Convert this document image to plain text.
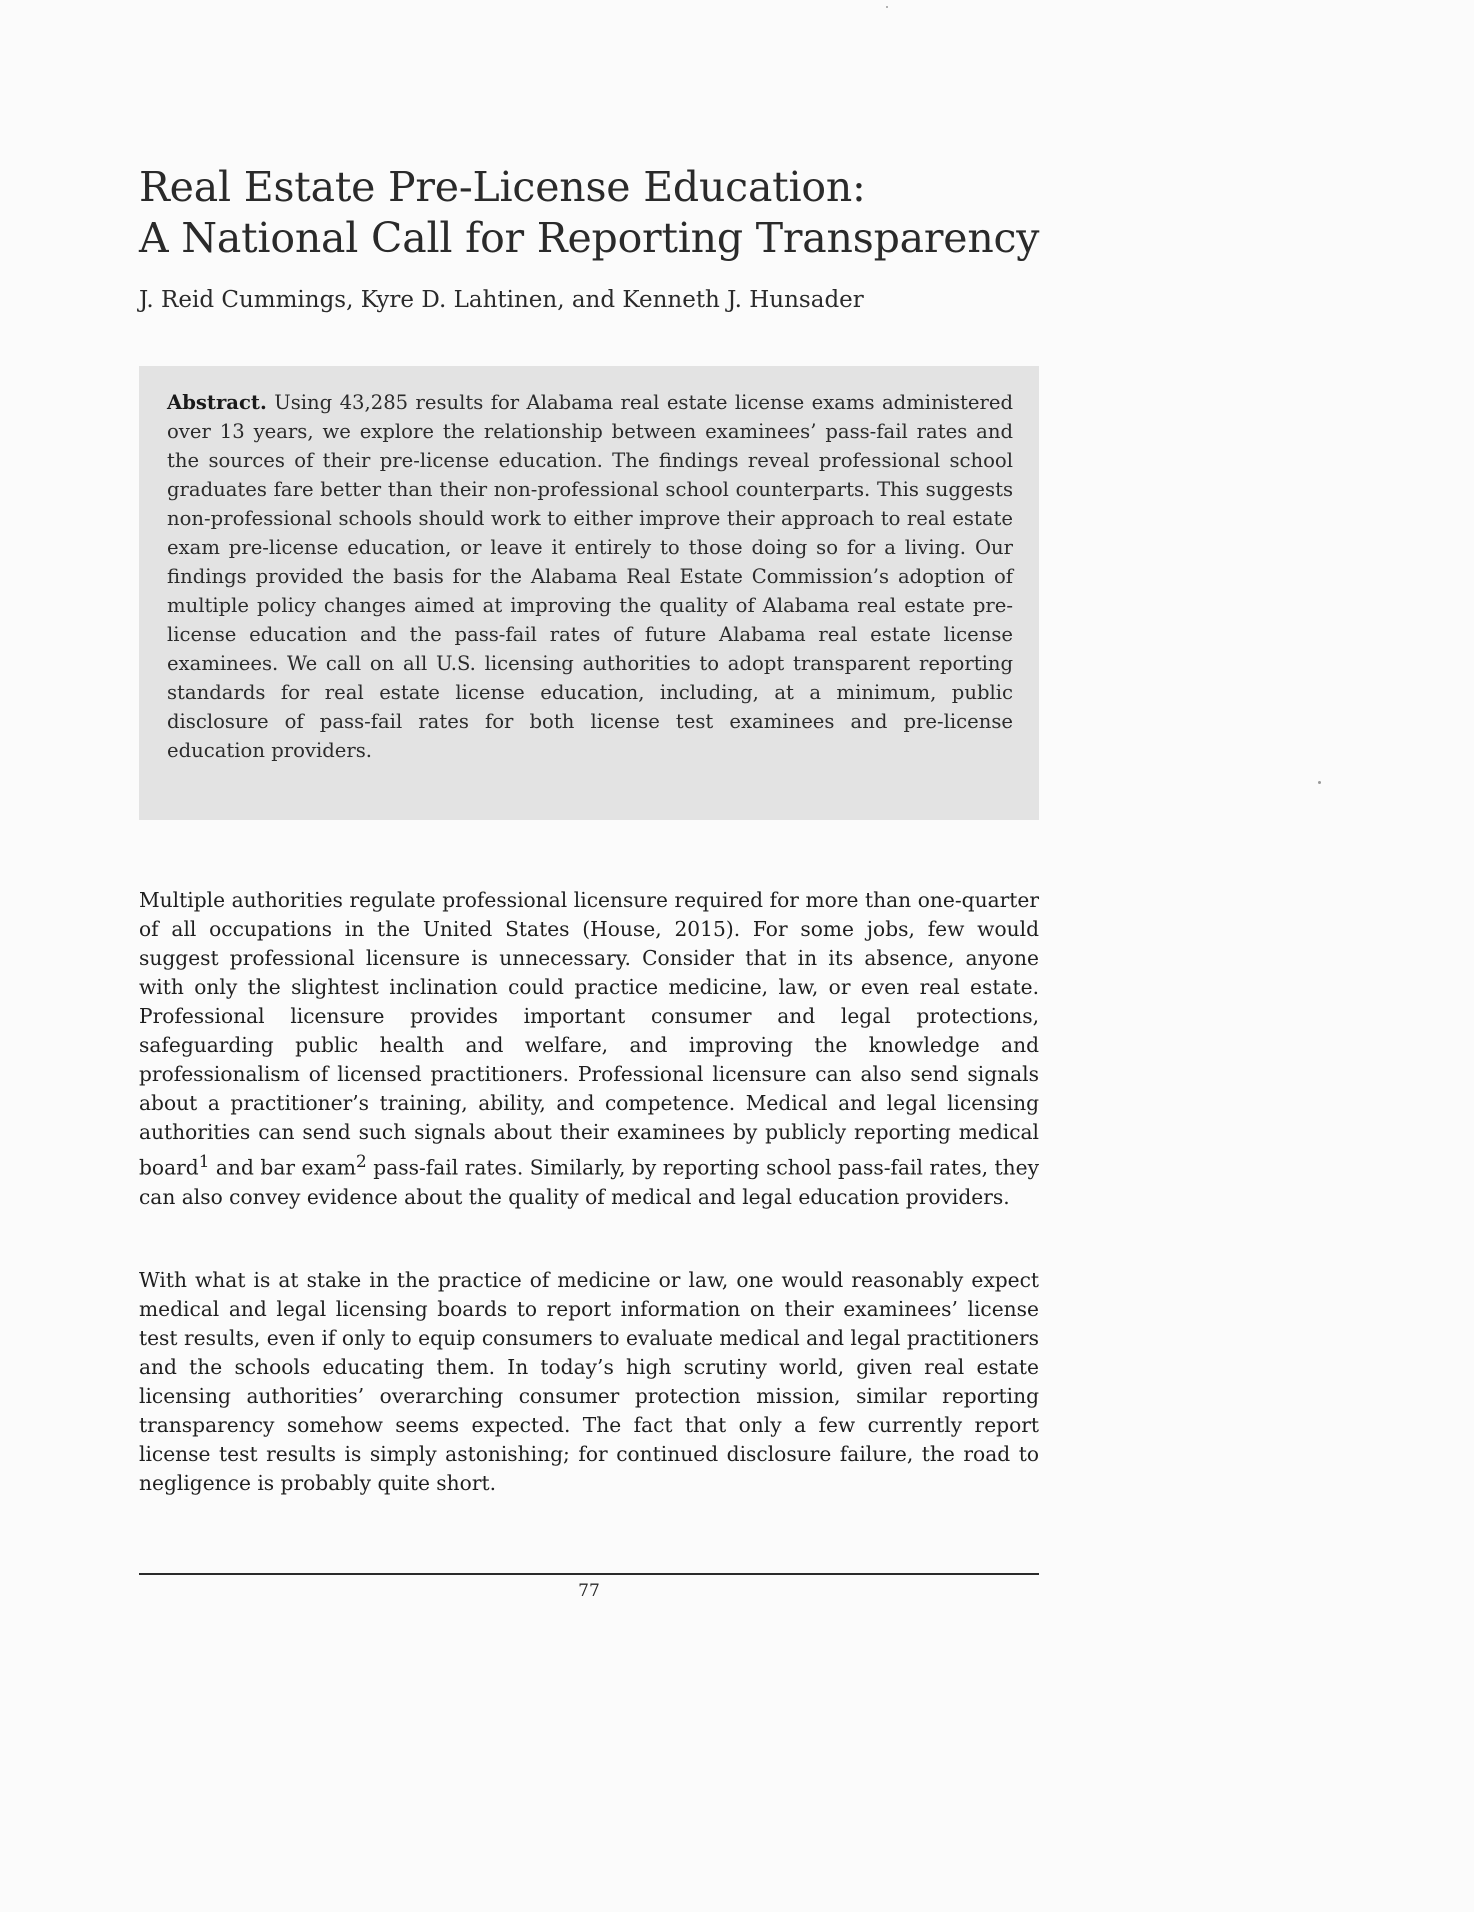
Real Estate Pre-License Education:
A National Call for Reporting Transparency
J. Reid Cummings, Kyre D. Lahtinen, and Kenneth J. Hunsader

Abstract. Using 43,285 results for Alabama real estate license exams administered over 13 years, we explore the relationship between examinees’ pass-fail rates and the sources of their pre-license education. The findings reveal professional school graduates fare better than their non-professional school counterparts. This suggests non-professional schools should work to either improve their approach to real estate exam pre-license education, or leave it entirely to those doing so for a living. Our findings provided the basis for the Alabama Real Estate Commission’s adoption of multiple policy changes aimed at improving the quality of Alabama real estate pre-license education and the pass-fail rates of future Alabama real estate license examinees. We call on all U.S. licensing authorities to adopt transparent reporting standards for real estate license education, including, at a minimum, public disclosure of pass-fail rates for both license test examinees and pre-license education providers.

Multiple authorities regulate professional licensure required for more than one-quarter of all occupations in the United States (House, 2015). For some jobs, few would suggest professional licensure is unnecessary. Consider that in its absence, anyone with only the slightest inclination could practice medicine, law, or even real estate. Professional licensure provides important consumer and legal protections, safeguarding public health and welfare, and improving the knowledge and professionalism of licensed practitioners. Professional licensure can also send signals about a practitioner’s training, ability, and competence. Medical and legal licensing authorities can send such signals about their examinees by publicly reporting medical board$^1$ and bar exam$^2$ pass-fail rates. Similarly, by reporting school pass-fail rates, they can also convey evidence about the quality of medical and legal education providers.

With what is at stake in the practice of medicine or law, one would reasonably expect medical and legal licensing boards to report information on their examinees’ license test results, even if only to equip consumers to evaluate medical and legal practitioners and the schools educating them. In today’s high scrutiny world, given real estate licensing authorities’ overarching consumer protection mission, similar reporting transparency somehow seems expected. The fact that only a few currently report license test results is simply astonishing; for continued disclosure failure, the road to negligence is probably quite short.

77
